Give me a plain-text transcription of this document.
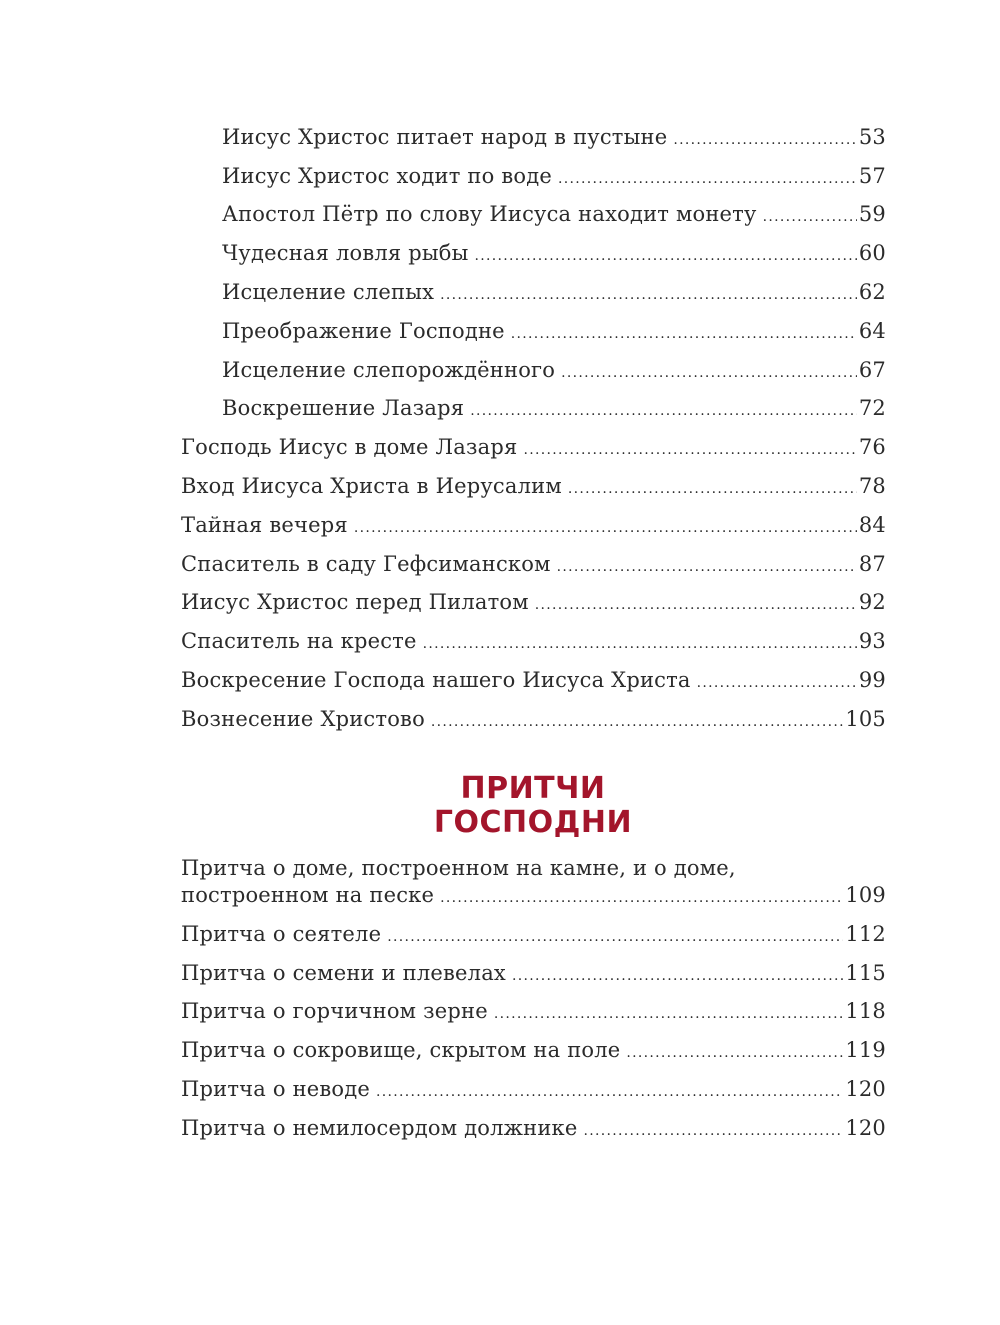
Иисус Христос питает народ в пустыне .....	53
Иисус Христос ходит по воде .....	57
Апостол Пётр по слову Иисуса находит монету .....	59
Чудесная ловля рыбы .....	60
Исцеление слепых .....	62
Преображение Господне .....	64
Исцеление слепорождённого .....	67
Воскрешение Лазаря .....	72
Господь Иисус в доме Лазаря .....	76
Вход Иисуса Христа в Иерусалим .....	78
Тайная вечеря .....	84
Спаситель в саду Гефсиманском .....	87
Иисус Христос перед Пилатом .....	92
Спаситель на кресте .....	93
Воскресение Господа нашего Иисуса Христа .....	99
Вознесение Христово .....	105
ПРИТЧИ
ГОСПОДНИ
Притча о доме, построенном на камне, и о доме,
построенном на песке .....	109
Притча о сеятеле .....	112
Притча о семени и плевелах .....	115
Притча о горчичном зерне .....	118
Притча о сокровище, скрытом на поле .....	119
Притча о неводе .....	120
Притча о немилосердом должнике .....	120
